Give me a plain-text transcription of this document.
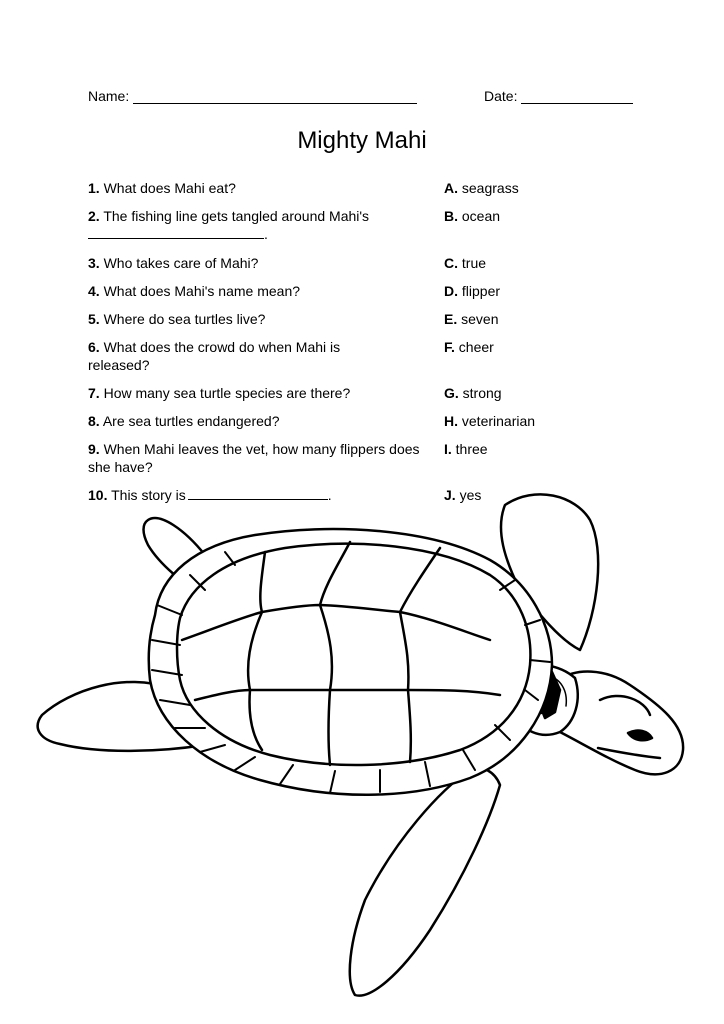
Name:	Date:
Mighty Mahi
1. What does Mahi eat?
2. The fishing line gets tangled around Mahi's
.
3. Who takes care of Mahi?
4. What does Mahi's name mean?
5. Where do sea turtles live?
6. What does the crowd do when Mahi is released?
7. How many sea turtle species are there?
8. Are sea turtles endangered?
9. When Mahi leaves the vet, how many flippers does she have?
10. This story is	.
A. seagrass
B. ocean
C. true
D. flipper
E. seven
F. cheer
G. strong
H. veterinarian
I. three
J. yes
